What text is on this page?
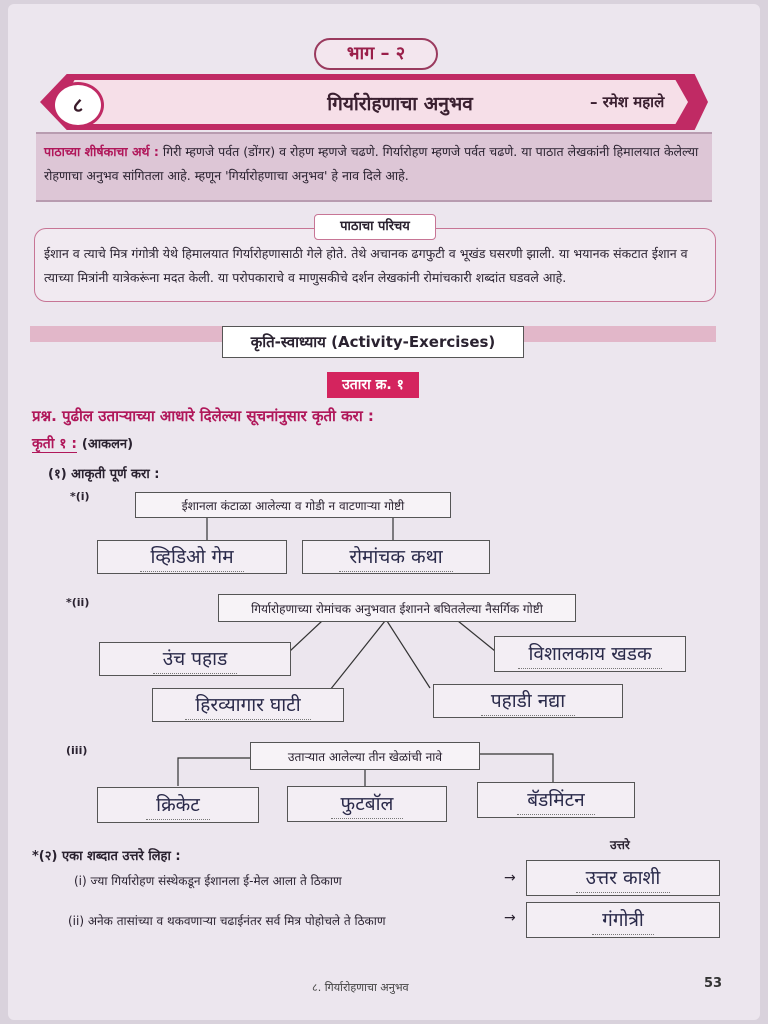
भाग – २
८	गिर्यारोहणाचा अनुभव	– रमेश महाले
पाठाच्या शीर्षकाचा अर्थ : गिरी म्हणजे पर्वत (डोंगर) व रोहण म्हणजे चढणे. गिर्यारोहण म्हणजे पर्वत चढणे. या पाठात लेखकांनी हिमालयात केलेल्या रोहणाचा अनुभव सांगितला आहे. म्हणून 'गिर्यारोहणाचा अनुभव' हे नाव दिले आहे.
पाठाचा परिचय
ईशान व त्याचे मित्र गंगोत्री येथे हिमालयात गिर्यारोहणासाठी गेले होते. तेथे अचानक ढगफुटी व भूखंड घसरणी झाली. या भयानक संकटात ईशान व त्याच्या मित्रांनी यात्रेकरूंना मदत केली. या परोपकाराचे व माणुसकीचे दर्शन लेखकांनी रोमांचकारी शब्दांत घडवले आहे.
कृति-स्वाध्याय (Activity-Exercises)
उतारा क्र. १
प्रश्न. पुढील उताऱ्याच्या आधारे दिलेल्या सूचनांनुसार कृती करा :
कृती १ : (आकलन)
(१) आकृती पूर्ण करा :
*(i)
ईशानला कंटाळा आलेल्या व गोडी न वाटणाऱ्या गोष्टी
व्हिडिओ गेम	रोमांचक कथा
*(ii)	गिर्यारोहणाच्या रोमांचक अनुभवात ईशानने बघितलेल्या नैसर्गिक गोष्टी
उंच पहाड	विशालकाय खडक
हिरव्यागार घाटी	पहाडी नद्या
(iii)	उताऱ्यात आलेल्या तीन खेळांची नावे
क्रिकेट	फुटबॉल	बॅडमिंटन
उत्तरे
*(२) एका शब्दात उत्तरे लिहा :
(i) ज्या गिर्यारोहण संस्थेकडून ईशानला ई-मेल आला ते ठिकाण	→	उत्तर काशी
(ii) अनेक तासांच्या व थकवणाऱ्या चढाईनंतर सर्व मित्र पोहोचले ते ठिकाण	→	गंगोत्री
८. गिर्यारोहणाचा अनुभव	53
